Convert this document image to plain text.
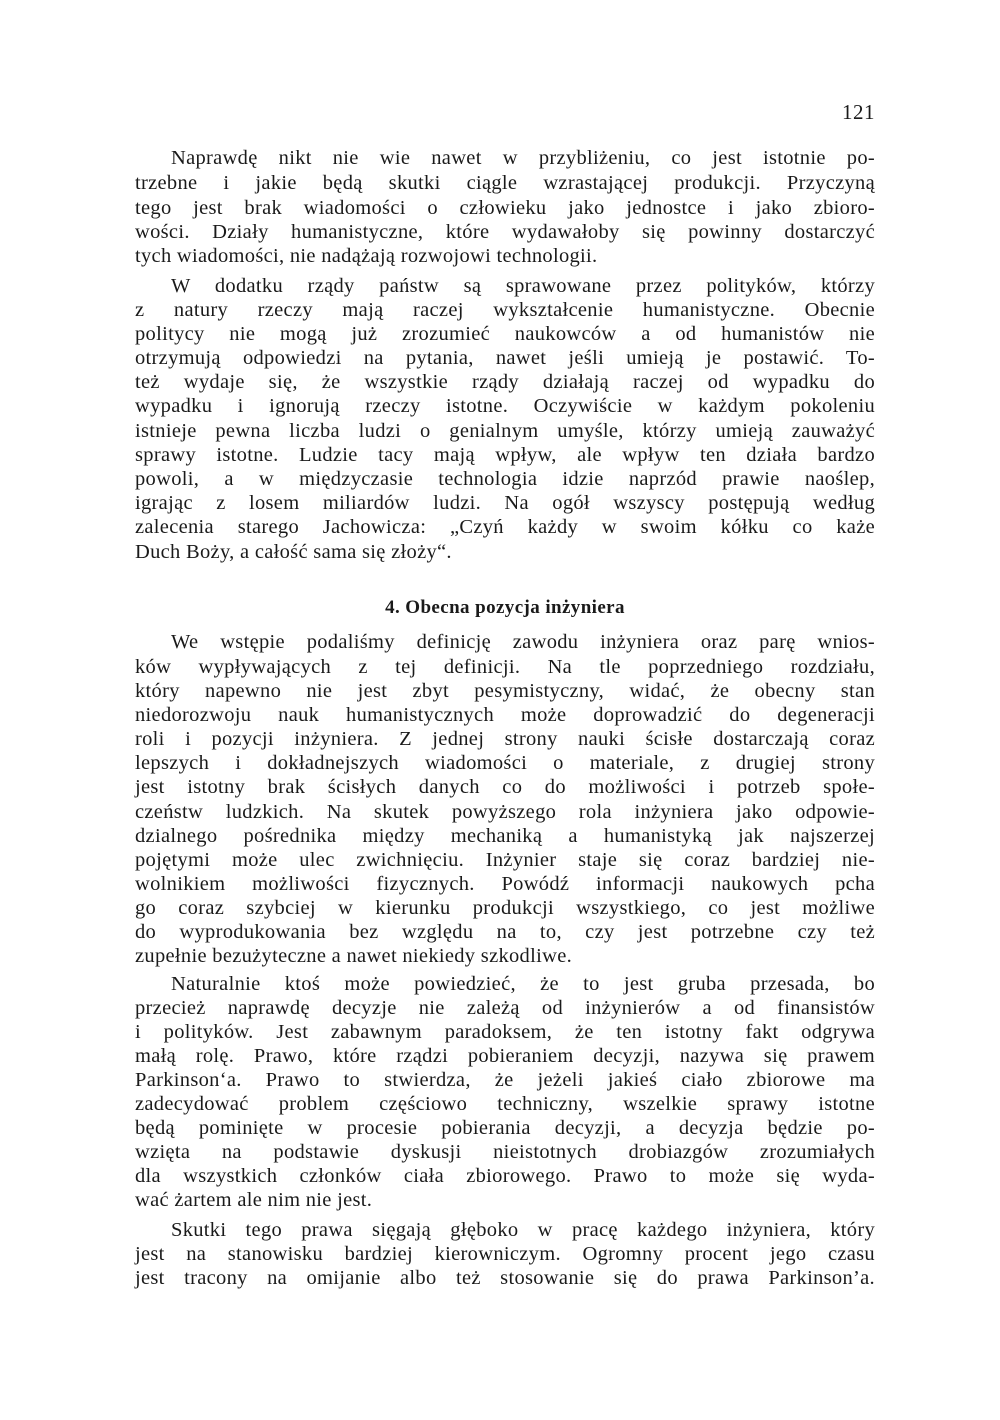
121
Naprawdę nikt nie wie nawet w przybliżeniu, co jest istotnie po-
trzebne i jakie będą skutki ciągle wzrastającej produkcji. Przyczyną
tego jest brak wiadomości o człowieku jako jednostce i jako zbioro-
wości. Działy humanistyczne, które wydawałoby się powinny dostarczyć
tych wiadomości, nie nadążają rozwojowi technologii.
W dodatku rządy państw są sprawowane przez polityków, którzy
z natury rzeczy mają raczej wykształcenie humanistyczne. Obecnie
politycy nie mogą już zrozumieć naukowców a od humanistów nie
otrzymują odpowiedzi na pytania, nawet jeśli umieją je postawić. To-
też wydaje się, że wszystkie rządy działają raczej od wypadku do
wypadku i ignorują rzeczy istotne. Oczywiście w każdym pokoleniu
istnieje pewna liczba ludzi o genialnym umyśle, którzy umieją zauważyć
sprawy istotne. Ludzie tacy mają wpływ, ale wpływ ten działa bardzo
powoli, a w międzyczasie technologia idzie naprzód prawie naoślep,
igrając z losem miliardów ludzi. Na ogół wszyscy postępują według
zalecenia starego Jachowicza: „Czyń każdy w swoim kółku co każe
Duch Boży, a całość sama się złoży“.
4. Obecna pozycja inżyniera
We wstępie podaliśmy definicję zawodu inżyniera oraz parę wnios-
ków wypływających z tej definicji. Na tle poprzedniego rozdziału,
który napewno nie jest zbyt pesymistyczny, widać, że obecny stan
niedorozwoju nauk humanistycznych może doprowadzić do degeneracji
roli i pozycji inżyniera. Z jednej strony nauki ścisłe dostarczają coraz
lepszych i dokładnejszych wiadomości o materiale, z drugiej strony
jest istotny brak ścisłych danych co do możliwości i potrzeb społe-
czeństw ludzkich. Na skutek powyższego rola inżyniera jako odpowie-
dzialnego pośrednika między mechaniką a humanistyką jak najszerzej
pojętymi może ulec zwichnięciu. Inżynier staje się coraz bardziej nie-
wolnikiem możliwości fizycznych. Powódź informacji naukowych pcha
go coraz szybciej w kierunku produkcji wszystkiego, co jest możliwe
do wyprodukowania bez względu na to, czy jest potrzebne czy też
zupełnie bezużyteczne a nawet niekiedy szkodliwe.
Naturalnie ktoś może powiedzieć, że to jest gruba przesada, bo
przecież naprawdę decyzje nie zależą od inżynierów a od finansistów
i polityków. Jest zabawnym paradoksem, że ten istotny fakt odgrywa
małą rolę. Prawo, które rządzi pobieraniem decyzji, nazywa się prawem
Parkinson‘a. Prawo to stwierdza, że jeżeli jakieś ciało zbiorowe ma
zadecydować problem częściowo techniczny, wszelkie sprawy istotne
będą pominięte w procesie pobierania decyzji, a decyzja będzie po-
wzięta na podstawie dyskusji nieistotnych drobiazgów zrozumiałych
dla wszystkich członków ciała zbiorowego. Prawo to może się wyda-
wać żartem ale nim nie jest.
Skutki tego prawa sięgają głęboko w pracę każdego inżyniera, który
jest na stanowisku bardziej kierowniczym. Ogromny procent jego czasu
jest tracony na omijanie albo też stosowanie się do prawa Parkinson’a.
